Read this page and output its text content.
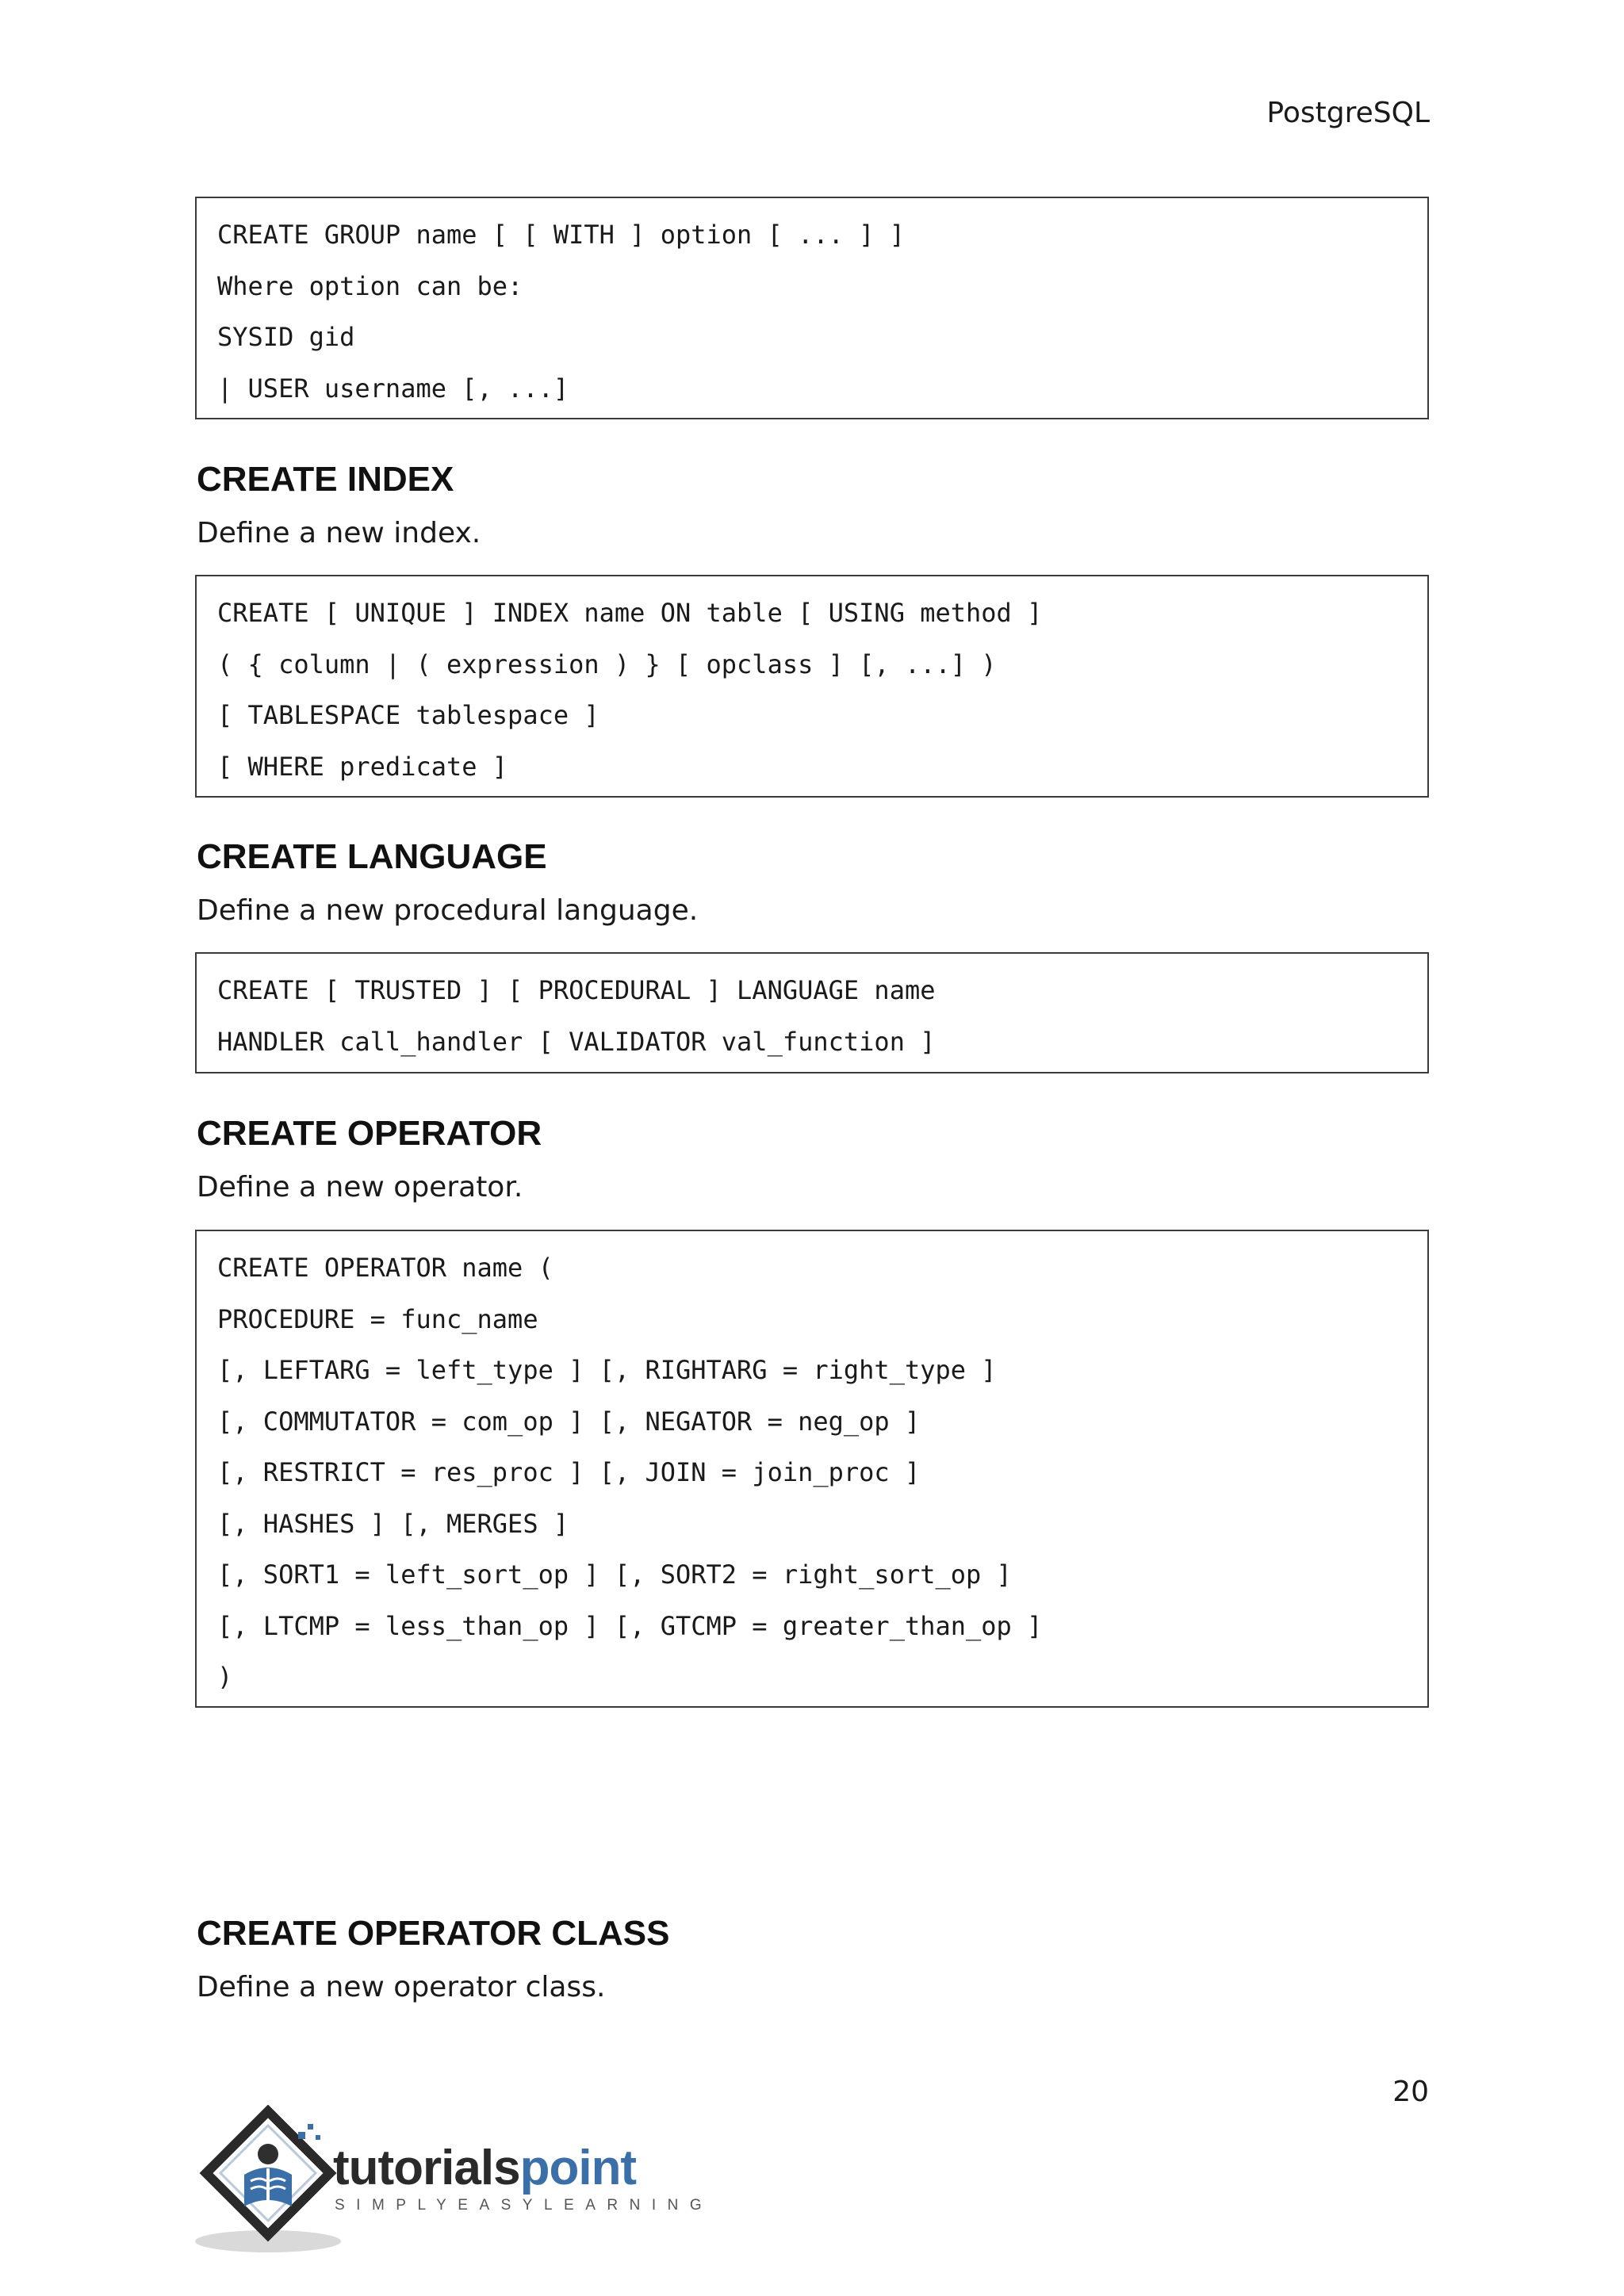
PostgreSQL
CREATE GROUP name [ [ WITH ] option [ ... ] ]
Where option can be:
SYSID gid
| USER username [, ...]
CREATE INDEX
Define a new index.
CREATE [ UNIQUE ] INDEX name ON table [ USING method ]
( { column | ( expression ) } [ opclass ] [, ...] )
[ TABLESPACE tablespace ]
[ WHERE predicate ]
CREATE LANGUAGE
Define a new procedural language.
CREATE [ TRUSTED ] [ PROCEDURAL ] LANGUAGE name
HANDLER call_handler [ VALIDATOR val_function ]
CREATE OPERATOR
Define a new operator.
CREATE OPERATOR name (
PROCEDURE = func_name
[, LEFTARG = left_type ] [, RIGHTARG = right_type ]
[, COMMUTATOR = com_op ] [, NEGATOR = neg_op ]
[, RESTRICT = res_proc ] [, JOIN = join_proc ]
[, HASHES ] [, MERGES ]
[, SORT1 = left_sort_op ] [, SORT2 = right_sort_op ]
[, LTCMP = less_than_op ] [, GTCMP = greater_than_op ]
)
CREATE OPERATOR CLASS
Define a new operator class.
20
tutorialspoint
SIMPLYEASYLEARNING
